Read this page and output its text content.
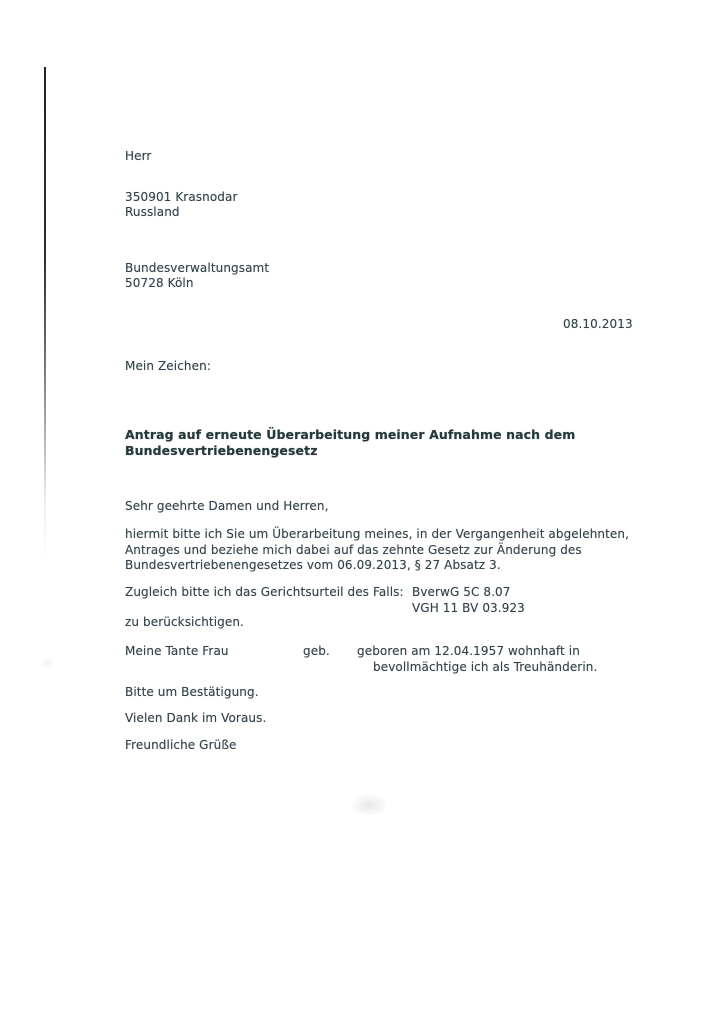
Herr
350901 Krasnodar
Russland
Bundesverwaltungsamt
50728 Köln
08.10.2013
Mein Zeichen:
Antrag auf erneute Überarbeitung meiner Aufnahme nach dem
Bundesvertriebenengesetz
Sehr geehrte Damen und Herren,
hiermit bitte ich Sie um Überarbeitung meines, in der Vergangenheit abgelehnten,
Antrages und beziehe mich dabei auf das zehnte Gesetz zur Änderung des
Bundesvertriebenengesetzes vom 06.09.2013, § 27 Absatz 3.
Zugleich bitte ich das Gerichtsurteil des Falls: BverwG 5C 8.07
VGH 11 BV 03.923
zu berücksichtigen.
Meine Tante Frau	geb. geboren am 12.04.1957 wohnhaft in
bevollmächtige ich als Treuhänderin.
Bitte um Bestätigung.
Vielen Dank im Voraus.
Freundliche Grüße
